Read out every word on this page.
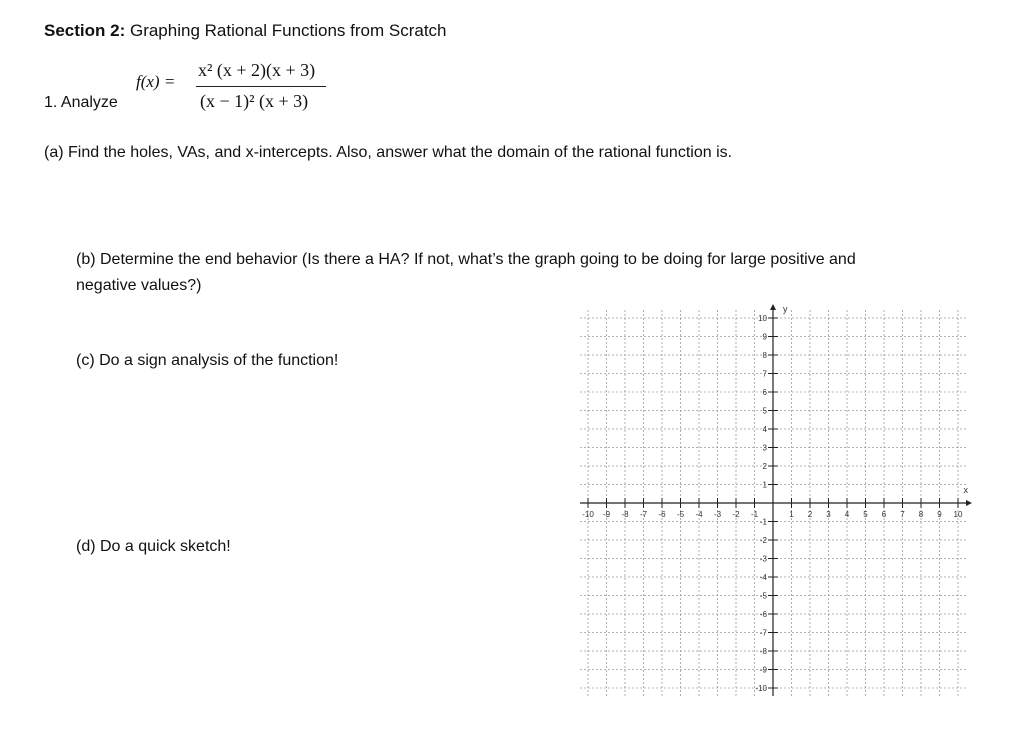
Section 2: Graphing Rational Functions from Scratch
1. Analyze
f(x) =
x² (x + 2)(x + 3)
(x − 1)² (x + 3)
(a) Find the holes, VAs, and x-intercepts. Also, answer what the domain of the rational function is.
(b) Determine the end behavior (Is there a HA? If not, what’s the graph going to be doing for large positive and
negative values?)
(c) Do a sign analysis of the function!
(d) Do a quick sketch!
-10 -9 -8 -7 -6 -5 -4 -3 -2 -1	1 2 3 4 5 6 7 8 9 10
10
9
8
7
6
5
4
3
2
1
-1
-2
-3
-4
-5
-6
-7
-8
-9
-10
x
y
